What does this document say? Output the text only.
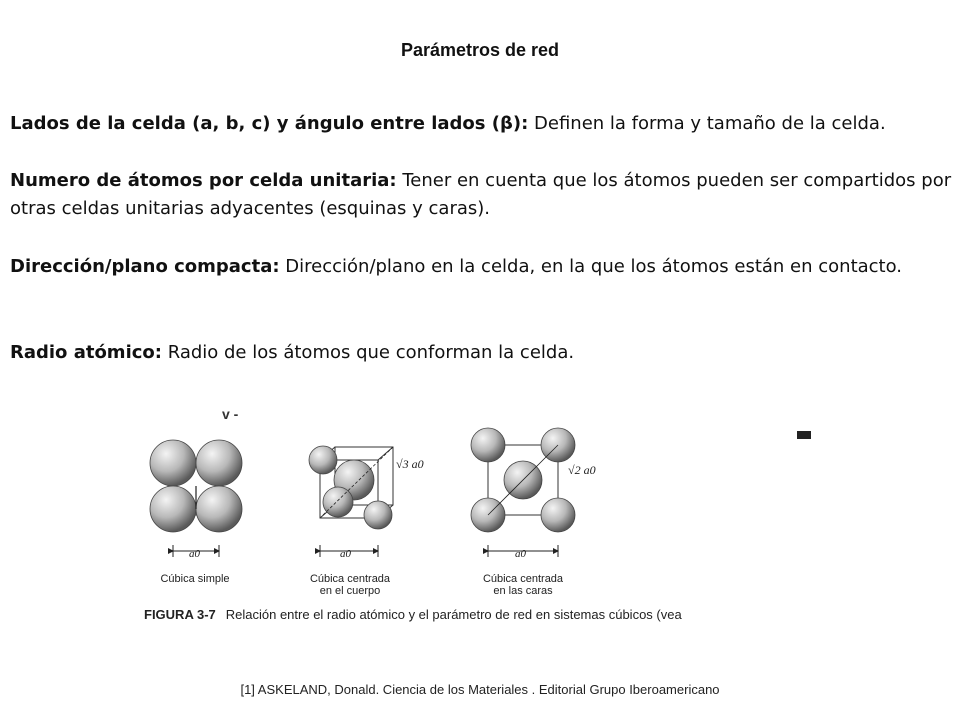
Parámetros de red
Lados de la celda (a, b, c) y ángulo entre lados (β): Definen la forma y tamaño de la celda.
Numero de átomos por celda unitaria: Tener en cuenta que los átomos pueden ser compartidos por otras celdas unitarias adyacentes (esquinas y caras).
Dirección/plano compacta: Dirección/plano en la celda, en la que los átomos están en contacto.
Radio atómico: Radio de los átomos que conforman la celda.
v -
a0	a0	a0
√3 a0	√2 a0
Cúbica simple	Cúbica centrada
en el cuerpo
Cúbica centrada
en las caras
FIGURA 3-7 Relación entre el radio atómico y el parámetro de red en sistemas cúbicos (vea
[1] ASKELAND, Donald. Ciencia de los Materiales . Editorial Grupo Iberoamericano
